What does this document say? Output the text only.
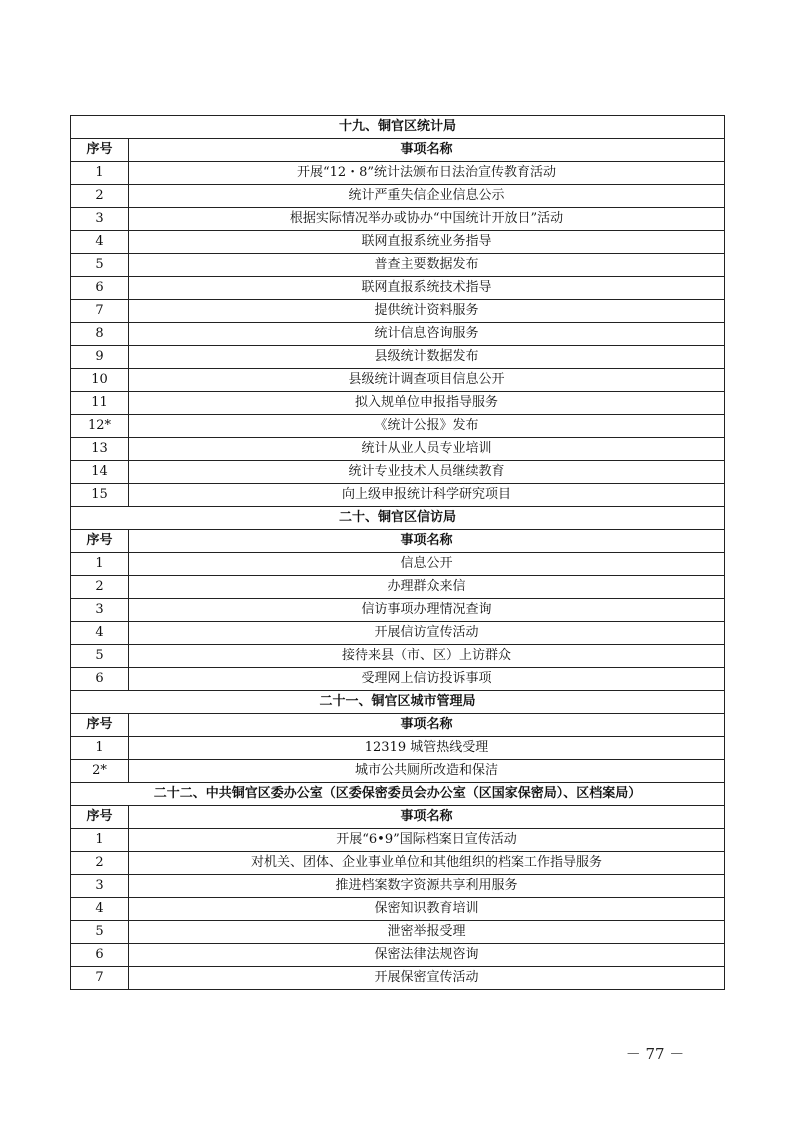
十九、铜官区统计局	
序号	事项名称
1	开展“12・8”统计法颁布日法治宣传教育活动
2	统计严重失信企业信息公示
3	根据实际情况举办或协办“中国统计开放日”活动
4	联网直报系统业务指导
5	普查主要数据发布
6	联网直报系统技术指导
7	提供统计资料服务
8	统计信息咨询服务
9	县级统计数据发布
10	县级统计调查项目信息公开
11	拟入规单位申报指导服务
12*	《统计公报》发布
13	统计从业人员专业培训
14	统计专业技术人员继续教育
15	向上级申报统计科学研究项目
二十、铜官区信访局	
序号	事项名称
1	信息公开
2	办理群众来信
3	信访事项办理情况查询
4	开展信访宣传活动
5	接待来县（市、区）上访群众
6	受理网上信访投诉事项
二十一、铜官区城市管理局	
序号	事项名称
1	12319 城管热线受理
2*	城市公共厕所改造和保洁
二十二、中共铜官区委办公室（区委保密委员会办公室（区国家保密局）、区档案局）	
序号	事项名称
1	开展“6•9”国际档案日宣传活动
2	对机关、团体、企业事业单位和其他组织的档案工作指导服务
3	推进档案数字资源共享利用服务
4	保密知识教育培训
5	泄密举报受理
6	保密法律法规咨询
7	开展保密宣传活动
－ 77 －
